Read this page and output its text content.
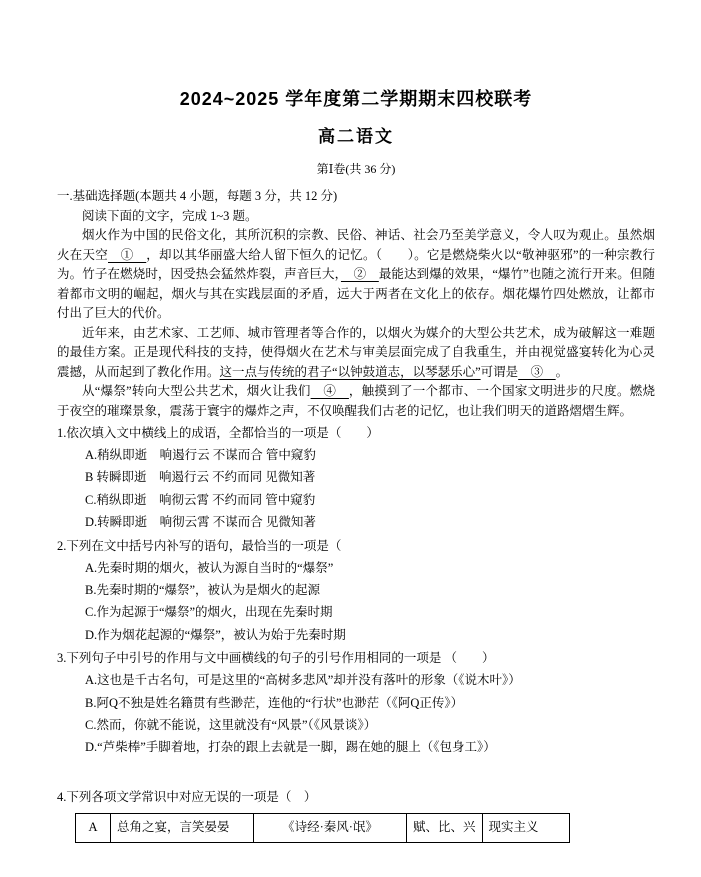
2024~2025 学年度第二学期期末四校联考
高二语文
第Ⅰ卷(共 36 分)
一.基础选择题(本题共 4 小题，每题 3 分，共 12 分)
阅读下面的文字，完成 1~3 题。

烟火作为中国的民俗文化，其所沉积的宗教、民俗、神话、社会乃至美学意义，令人叹为观止。虽然烟火在天空　①　，却以其华丽盛大给人留下恒久的记忆。（　　）。它是燃烧柴火以“敬神驱邪”的一种宗教行为。竹子在燃烧时，因受热会猛然炸裂，声音巨大，　②　最能达到爆的效果，“爆竹”也随之流行开来。但随着都市文明的崛起，烟火与其在实践层面的矛盾，远大于两者在文化上的依存。烟花爆竹四处燃放，让都市付出了巨大的代价。

近年来，由艺术家、工艺师、城市管理者等合作的，以烟火为媒介的大型公共艺术，成为破解这一难题的最佳方案。正是现代科技的支持，使得烟火在艺术与审美层面完成了自我重生，并由视觉盛宴转化为心灵震撼，从而起到了教化作用。这一点与传统的君子“以钟鼓道志，以琴瑟乐心”可谓是　③　。

从“爆祭”转向大型公共艺术，烟火让我们　④　，触摸到了一个都市、一个国家文明进步的尺度。燃烧于夜空的璀璨景象，震荡于寰宇的爆炸之声，不仅唤醒我们古老的记忆，也让我们明天的道路熠熠生辉。

1.依次填入文中横线上的成语，全都恰当的一项是（　　）
A.稍纵即逝　响遏行云 不谋而合 管中窥豹
B 转瞬即逝　响遏行云 不约而同 见微知著
C.稍纵即逝　响彻云霄 不约而同 管中窥豹
D.转瞬即逝　响彻云霄 不谋而合 见微知著
2.下列在文中括号内补写的语句，最恰当的一项是（
A.先秦时期的烟火，被认为源自当时的“爆祭”
B.先秦时期的“爆祭”，被认为是烟火的起源
C.作为起源于“爆祭”的烟火，出现在先秦时期
D.作为烟花起源的“爆祭”，被认为始于先秦时期
3.下列句子中引号的作用与文中画横线的句子的引号作用相同的一项是 （　　）
A.这也是千古名句，可是这里的“高树多悲风”却并没有落叶的形象（《说木叶》）
B.阿Q不独是姓名籍贯有些渺茫，连他的“行状”也渺茫（《阿Q正传》）
C.然而，你就不能说，这里就没有“风景”（《风景谈》）
D.“芦柴棒”手脚着地，打杂的跟上去就是一脚，踢在她的腿上（《包身工》）
4.下列各项文学常识中对应无误的一项是（　）
A	总角之宴，言笑晏晏	《诗经·秦风·氓》	赋、比、兴	现实主义
